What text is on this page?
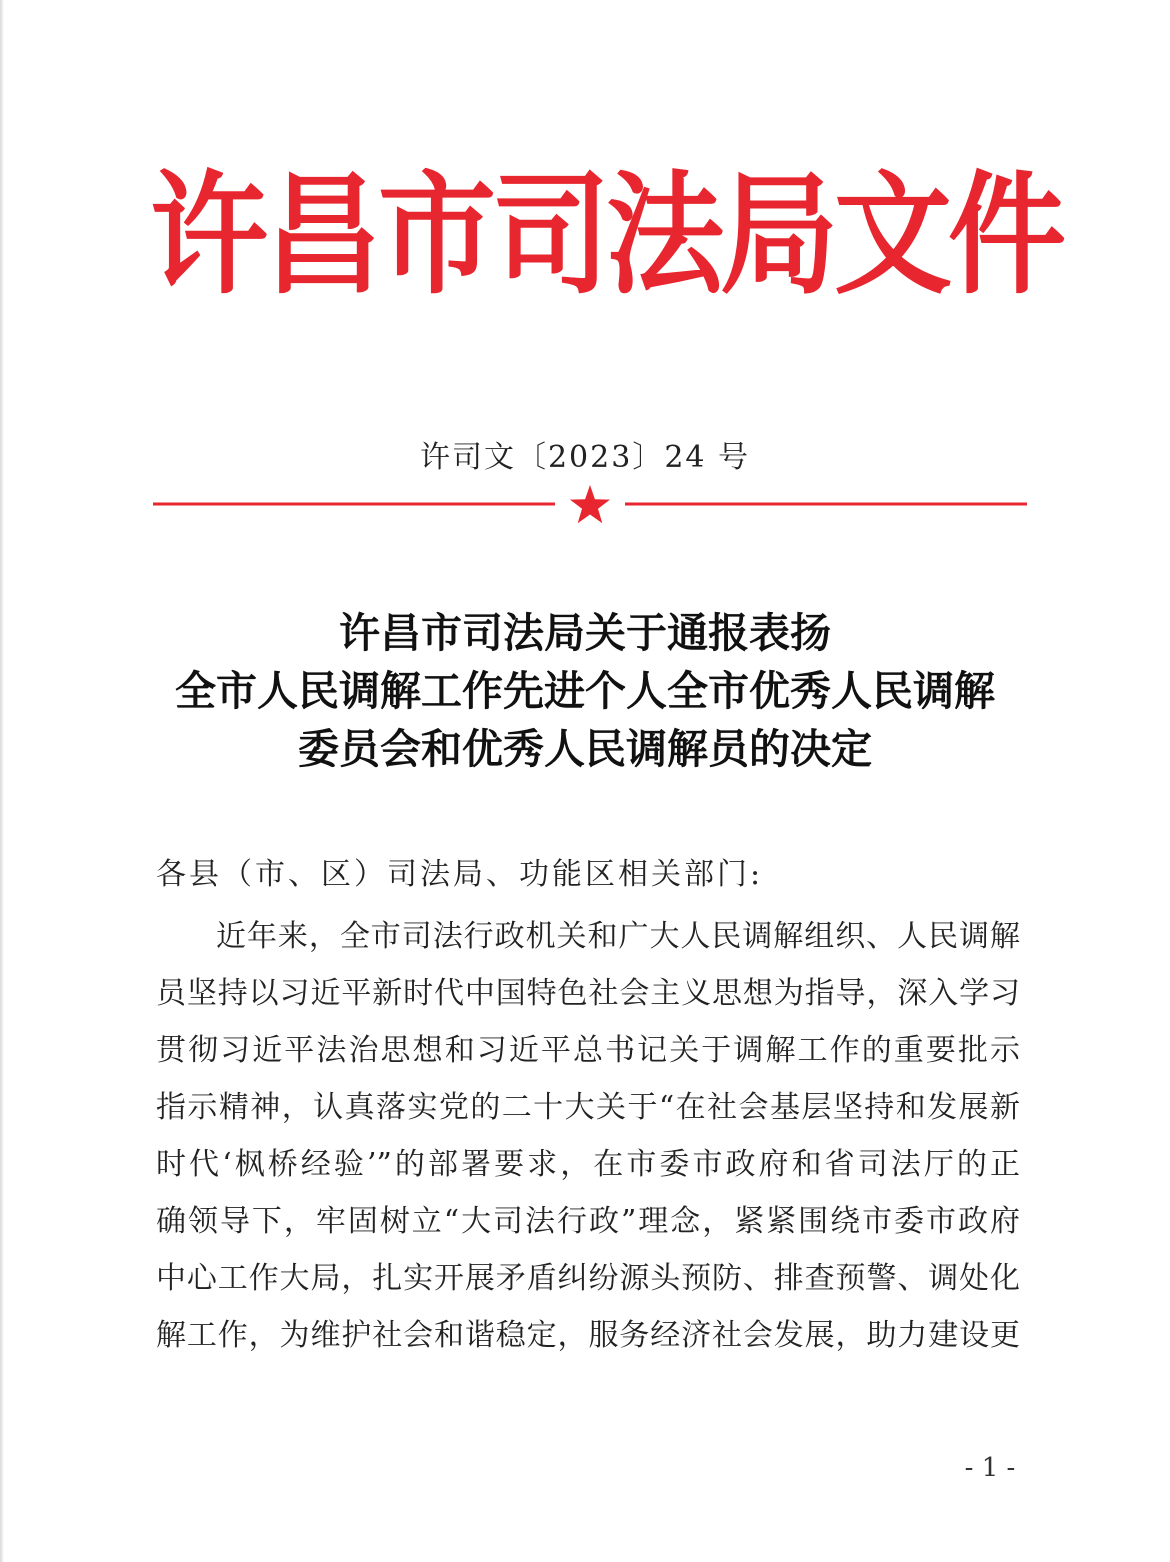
许昌市司法局文件
许司文〔2023〕24 号
许昌市司法局关于通报表扬
全市人民调解工作先进个人全市优秀人民调解
委员会和优秀人民调解员的决定
各县（市、区）司法局、功能区相关部门:
近年来，全市司法行政机关和广大人民调解组织、人民调解
员坚持以习近平新时代中国特色社会主义思想为指导，深入学习
贯彻习近平法治思想和习近平总书记关于调解工作的重要批示
指示精神，认真落实党的二十大关于“在社会基层坚持和发展新
时代‘枫桥经验’”的部署要求，在市委市政府和省司法厅的正
确领导下，牢固树立“大司法行政”理念，紧紧围绕市委市政府
中心工作大局，扎实开展矛盾纠纷源头预防、排查预警、调处化
解工作，为维护社会和谐稳定，服务经济社会发展，助力建设更
- 1 -
